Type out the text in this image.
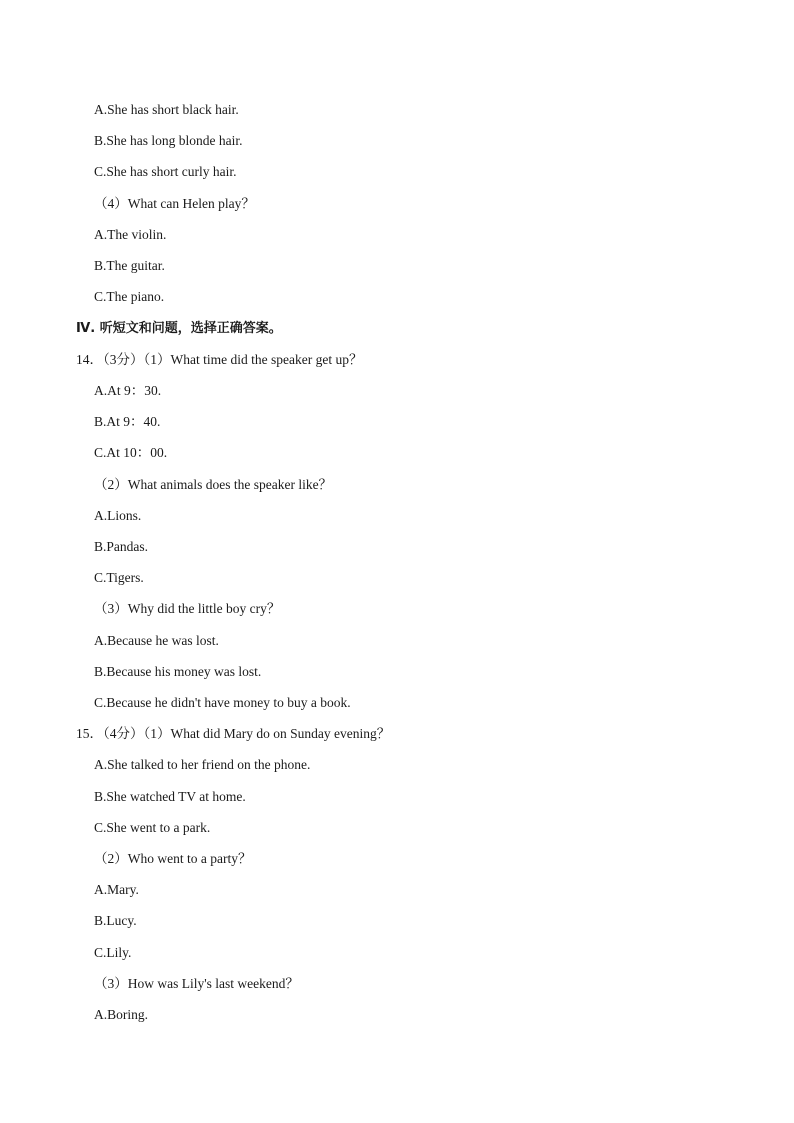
A.She has short black hair.
B.She has long blonde hair.
C.She has short curly hair.
（4）What can Helen play？
A.The violin.
B.The guitar.
C.The piano.
Ⅳ. 听短文和问题，选择正确答案。
14．（3分）（1）What time did the speaker get up？
A.At 9：30.
B.At 9：40.
C.At 10：00.
（2）What animals does the speaker like？
A.Lions.
B.Pandas.
C.Tigers.
（3）Why did the little boy cry？
A.Because he was lost.
B.Because his money was lost.
C.Because he didn't have money to buy a book.
15．（4分）（1）What did Mary do on Sunday evening？
A.She talked to her friend on the phone.
B.She watched TV at home.
C.She went to a park.
（2）Who went to a party？
A.Mary.
B.Lucy.
C.Lily.
（3）How was Lily's last weekend？
A.Boring.
